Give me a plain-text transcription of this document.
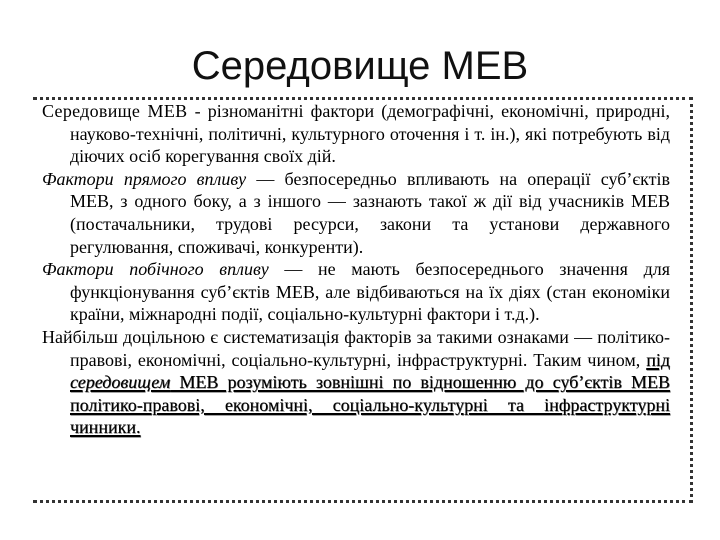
Середовище МЕВ

Середовище МЕВ - різноманітні фактори (демографічні, економічні, природні, науково-технічні, політичні, культурного оточення і т. ін.), які потребують від діючих осіб корегування своїх дій.

Фактори прямого впливу — безпосередньо впливають на операції суб’єктів МЕВ, з одного боку, а з іншого — зазнають такої ж дії від учасників МЕВ (постачальники, трудові ресурси, закони та установи державного регулювання, споживачі, конкуренти).

Фактори побічного впливу — не мають безпосереднього значення для функціонування суб’єктів МЕВ, але відбиваються на їх діях (стан економіки країни, міжнародні події, соціально-культурні фактори і т.д.).

Найбільш доцільною є систематизація факторів за такими ознаками — політико-правові, економічні, соціально-культурні, інфраструктурні. Таким чином, під середовищем МЕВ розуміють зовнішні по відношенню до суб’єктів МЕВ політико-правові, економічні, соціально-культурні та інфраструктурні чинники.
